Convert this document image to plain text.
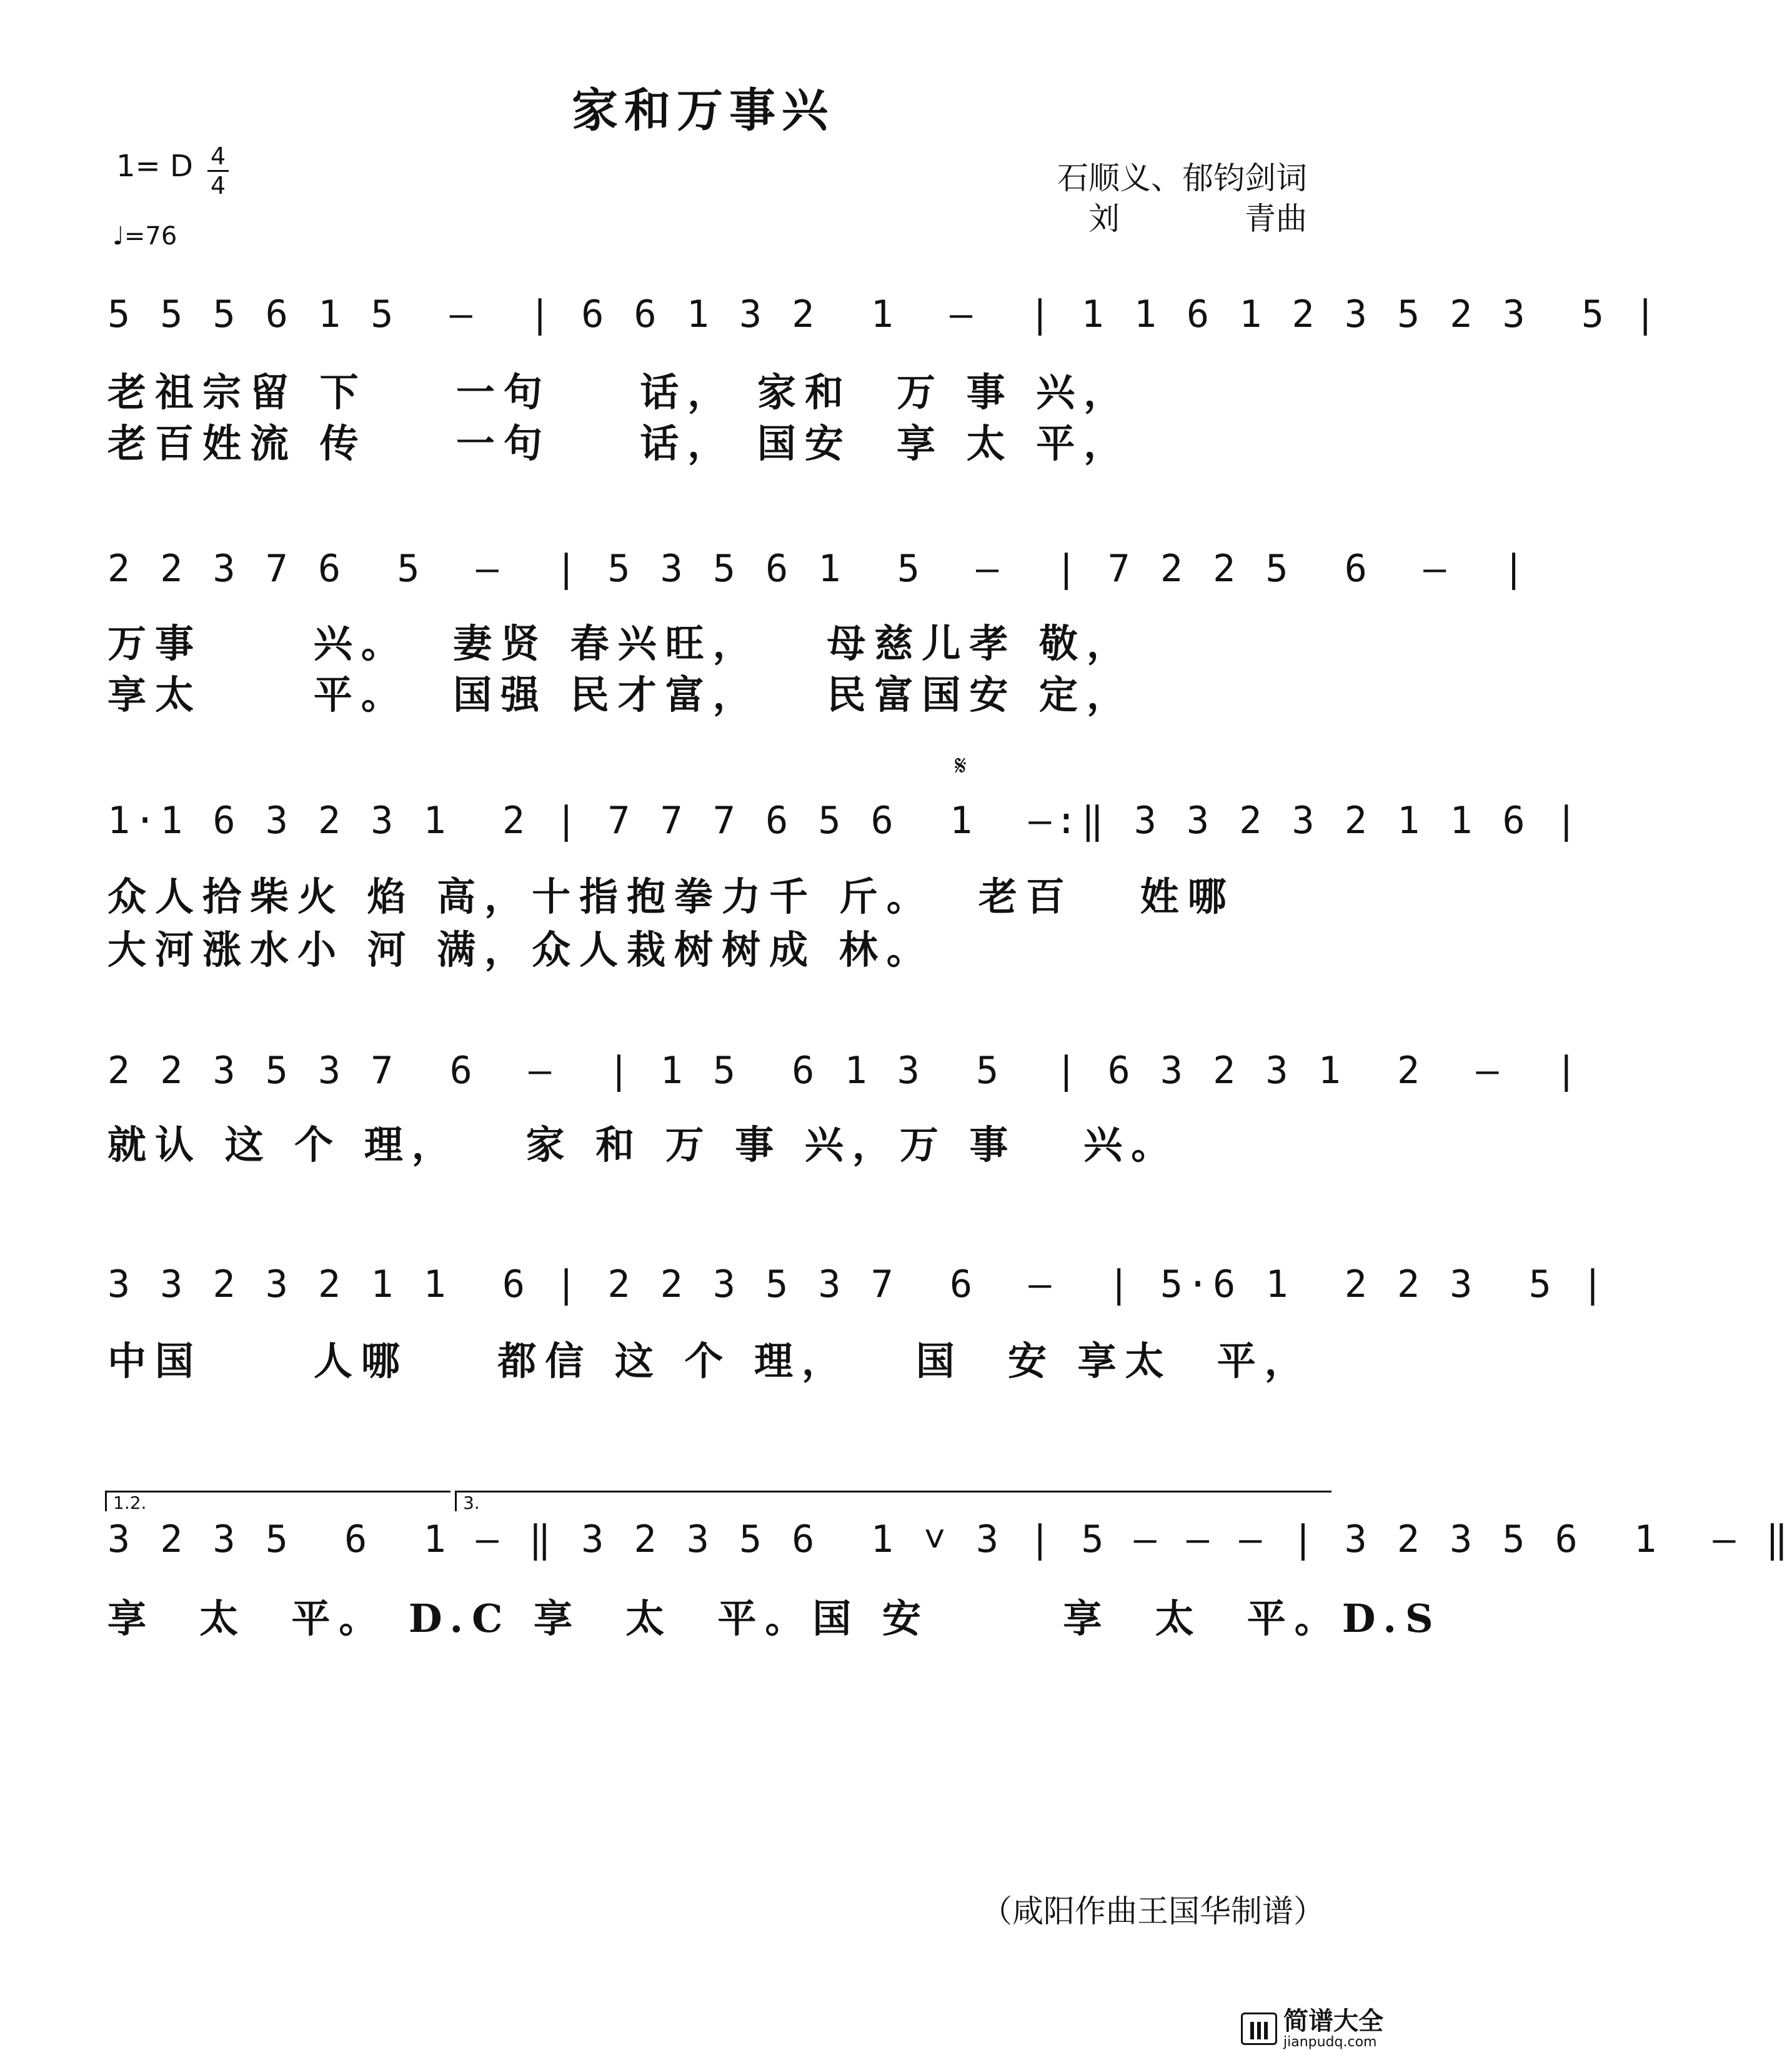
家和万事兴
1= D 4
4
♩=76
石顺义、郁钧剑词
刘　　　　青曲
5 5 5 6 1 5  –  | 6 6 1 3 2  1  –  | 1 1 6 1 2 3 5 2 3  5 |
老祖宗留 下    一句    话， 家和  万 事 兴，
老百姓流 传    一句    话， 国安  享 太 平，
2 2 3 7 6  5  –  | 5 3 5 6 1  5  –  | 7 2 2 5  6  –  |
万事     兴。  妻贤 春兴旺，   母慈儿孝 敬，
享太     平。  国强 民才富，   民富国安 定，
𝄋
1·1 6 3 2 3 1  2 | 7 7 7 6 5 6  1  –:‖ 3 3 2 3 2 1 1 6 |
众人拾柴火 焰 高，十指抱拳力千 斤。  老百   姓哪
大河涨水小 河 满，众人栽树树成 林。
2 2 3 5 3 7  6  –  | 1 5  6 1 3  5  | 6 3 2 3 1  2  –  |
就认 这 个 理，   家 和 万 事 兴，万 事   兴。
3 3 2 3 2 1 1  6 | 2 2 3 5 3 7  6  –  | 5·6 1  2 2 3  5 |
中国     人哪    都信 这 个 理，   国  安 享太  平，
1.2.	3.
3 2 3 5  6  1 – ‖ 3 2 3 5 6  1 ˅ 3 | 5 – – – | 3 2 3 5 6  1  – ‖
享  太  平。 D.C 享  太  平。国 安      享  太  平。D.S
（咸阳作曲王国华制谱）
简谱大全
jianpudq.com
